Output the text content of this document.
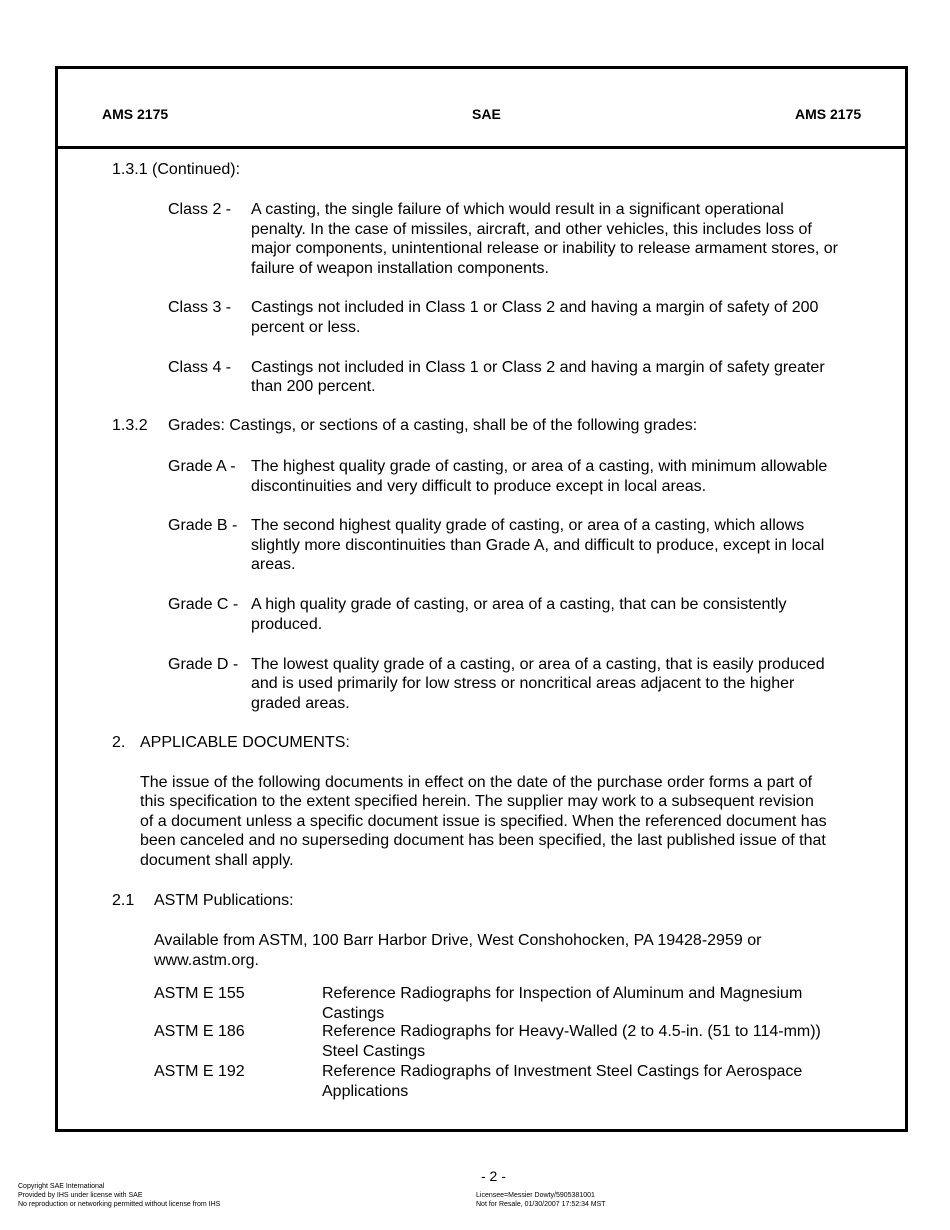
AMS 2175	SAE	AMS 2175
1.3.1 (Continued):
Class 2 - A casting, the single failure of which would result in a significant operational
penalty. In the case of missiles, aircraft, and other vehicles, this includes loss of
major components, unintentional release or inability to release armament stores, or
failure of weapon installation components.
Class 3 - Castings not included in Class 1 or Class 2 and having a margin of safety of 200
percent or less.
Class 4 - Castings not included in Class 1 or Class 2 and having a margin of safety greater
than 200 percent.
1.3.2 Grades: Castings, or sections of a casting, shall be of the following grades:
Grade A - The highest quality grade of casting, or area of a casting, with minimum allowable
discontinuities and very difficult to produce except in local areas.
Grade B - The second highest quality grade of casting, or area of a casting, which allows
slightly more discontinuities than Grade A, and difficult to produce, except in local
areas.
Grade C - A high quality grade of casting, or area of a casting, that can be consistently
produced.
Grade D - The lowest quality grade of a casting, or area of a casting, that is easily produced
and is used primarily for low stress or noncritical areas adjacent to the higher
graded areas.
2. APPLICABLE DOCUMENTS:
The issue of the following documents in effect on the date of the purchase order forms a part of
this specification to the extent specified herein. The supplier may work to a subsequent revision
of a document unless a specific document issue is specified. When the referenced document has
been canceled and no superseding document has been specified, the last published issue of that
document shall apply.
2.1 ASTM Publications:
Available from ASTM, 100 Barr Harbor Drive, West Conshohocken, PA 19428-2959 or
www.astm.org.
ASTM E 155	Reference Radiographs for Inspection of Aluminum and Magnesium
Castings
ASTM E 186	Reference Radiographs for Heavy-Walled (2 to 4.5-in. (51 to 114-mm))
Steel Castings
ASTM E 192	Reference Radiographs of Investment Steel Castings for Aerospace
Applications
- 2 -
Copyright SAE International
Provided by IHS under license with SAE
No reproduction or networking permitted without license from IHS
Licensee=Messier Dowty/5905381001
Not for Resale, 01/30/2007 17:52:34 MST
